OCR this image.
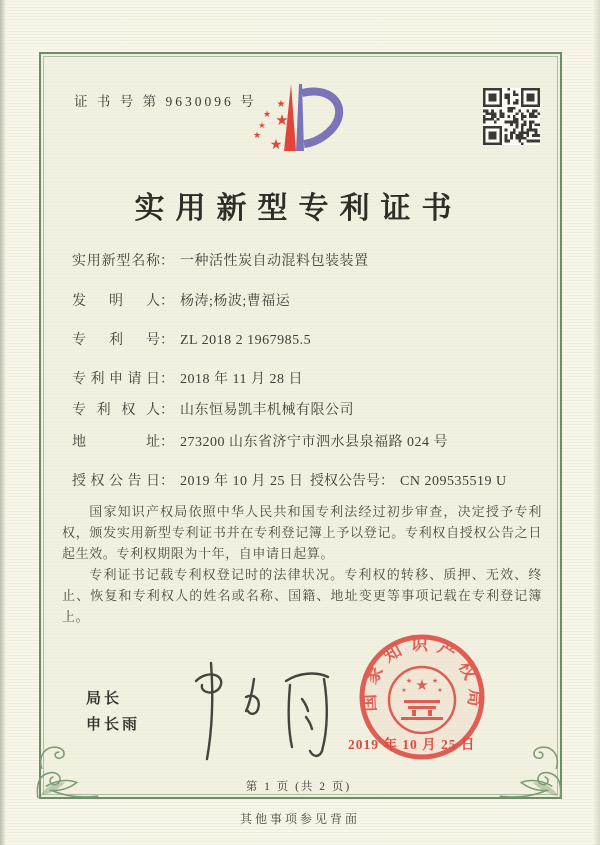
证 书 号 第 9630096 号 ★
★ ★
★
★
★
实用新型专利证书
实用新型名称： 一种活性炭自动混料包装装置
发 明 人： 杨涛;杨波;曹福运
专 利 号： ZL 2018 2 1967985.5
专利申请日： 2018 年 11 月 28 日
专 利 权 人： 山东恒易凯丰机械有限公司
地 址： 273200 山东省济宁市泗水县泉福路 024 号
授权公告日： 2019 年 10 月 25 日 授权公告号： CN 209535519 U

国家知识产权局依照中华人民共和国专利法经过初步审查，决定授予专利权，颁发实用新型专利证书并在专利登记簿上予以登记。专利权自授权公告之日起生效。专利权期限为十年，自申请日起算。

专利证书记载专利权登记时的法律状况。专利权的转移、质押、无效、终止、恢复和专利权人的姓名或名称、国籍、地址变更等事项记载在专利登记簿上。

局长
申长雨
国家知识产权局
★
★	★
★	★
2019 年 10 月 25 日
第 1 页 (共 2 页)
其他事项参见背面
